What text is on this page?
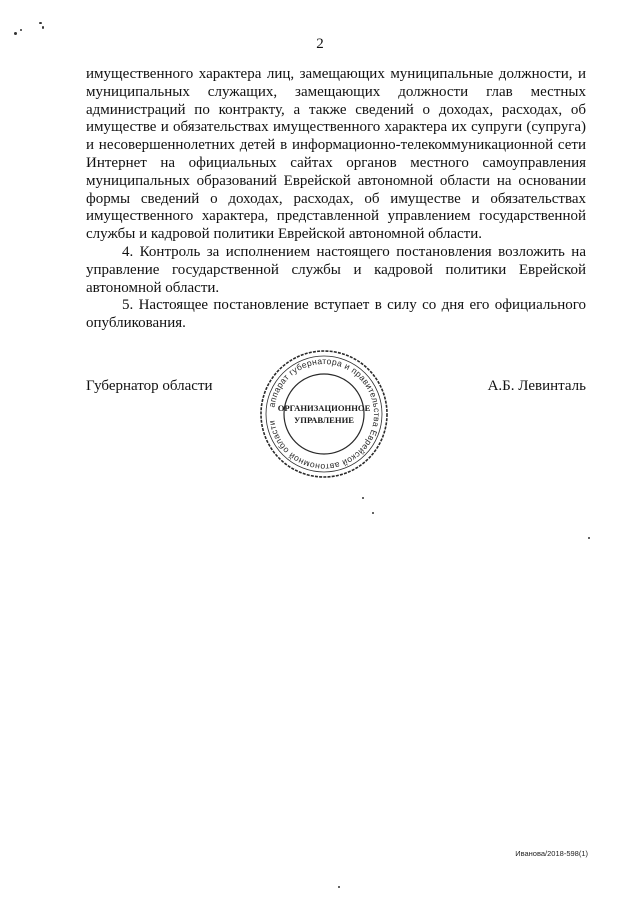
2

имущественного характера лиц, замещающих муниципальные должности, и муниципальных служащих, замещающих должности глав местных администраций по контракту, а также сведений о доходах, расходах, об имуществе и обязательствах имущественного характера их супруги (супруга) и несовершеннолетних детей в информационно-телекоммуникационной сети Интернет на официальных сайтах органов местного самоуправления муниципальных образований Еврейской автономной области на основании формы сведений о доходах, расходах, об имуществе и обязательствах имущественного характера, представленной управлением государственной службы и кадровой политики Еврейской автономной области.

4. Контроль за исполнением настоящего постановления возложить на управление государственной службы и кадровой политики Еврейской автономной области.

5. Настоящее постановление вступает в силу со дня его официального опубликования.

Губернатор области	А.Б. Левинталь
аппарат губернатора и правительства Еврейской автономной области
ОРГАНИЗАЦИОННОЕ
УПРАВЛЕНИЕ
Иванова/2018-598(1)
